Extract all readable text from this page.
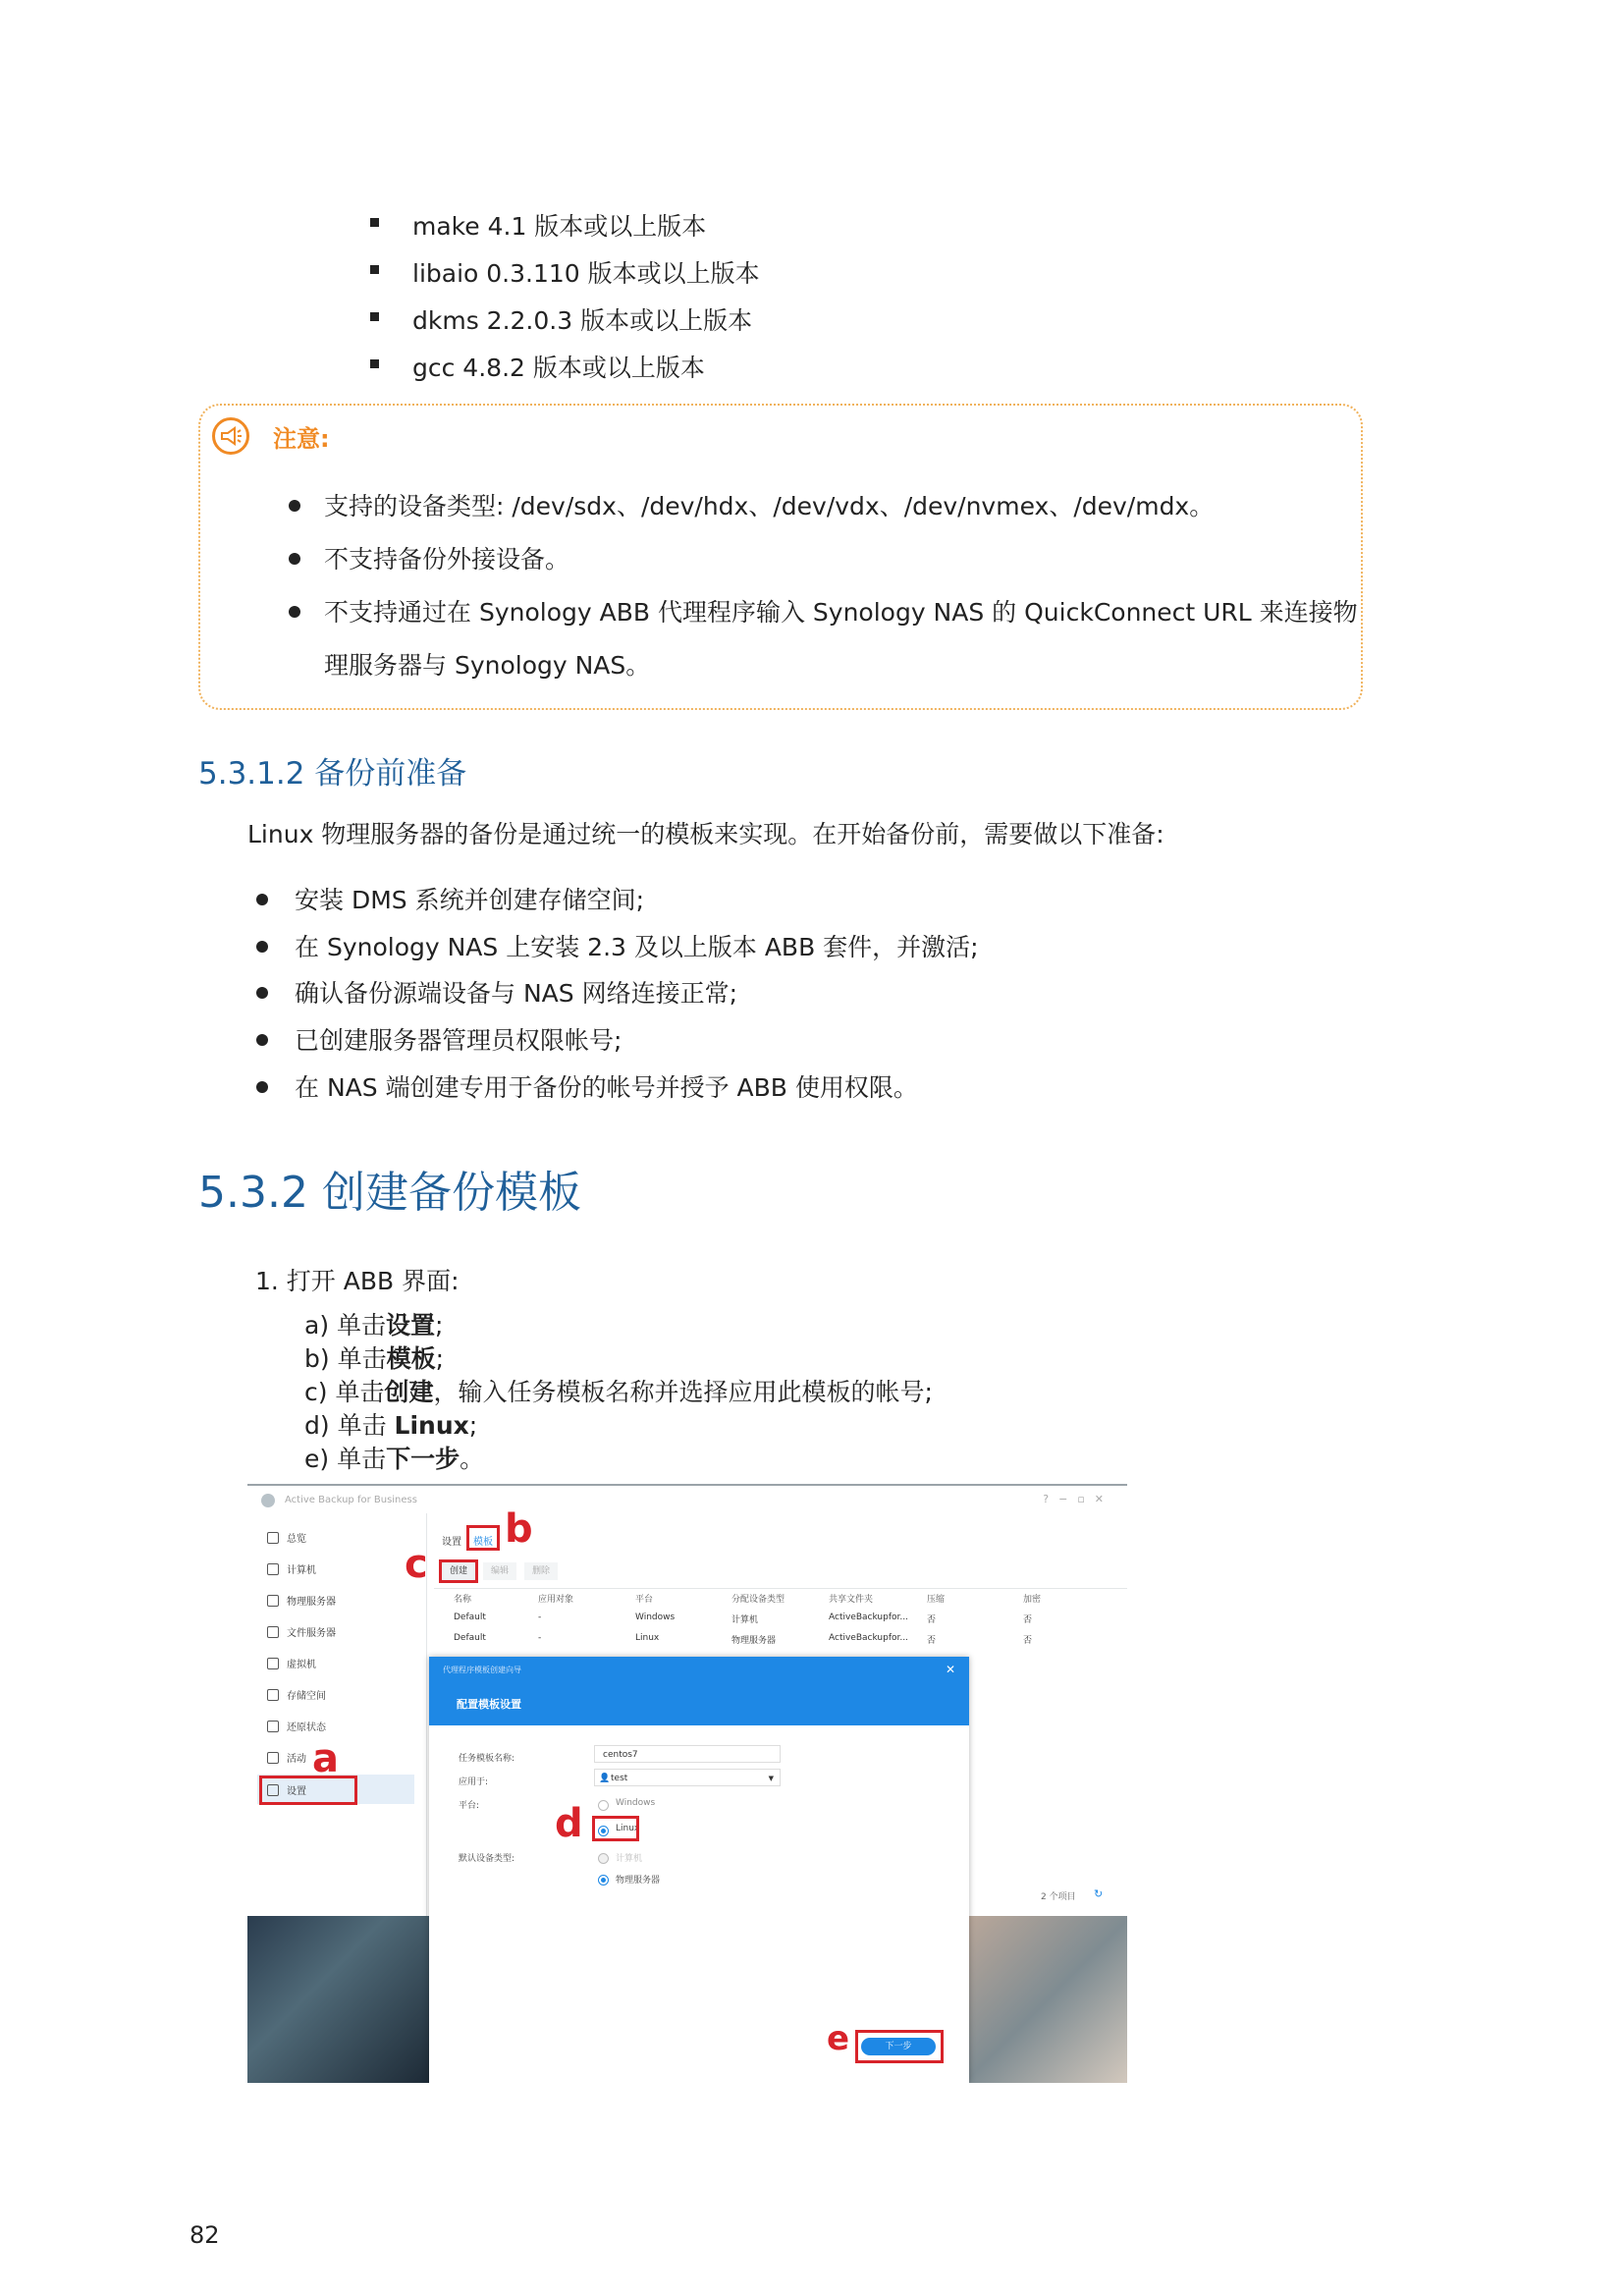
make 4.1 版本或以上版本
libaio 0.3.110 版本或以上版本
dkms 2.2.0.3 版本或以上版本
gcc 4.8.2 版本或以上版本
注意:
支持的设备类型: /dev/sdx、/dev/hdx、/dev/vdx、/dev/nvmex、/dev/mdx。
不支持备份外接设备。
不支持通过在 Synology ABB 代理程序输入 Synology NAS 的 QuickConnect URL 来连接物
理服务器与 Synology NAS。
5.3.1.2 备份前准备
Linux 物理服务器的备份是通过统一的模板来实现。在开始备份前，需要做以下准备:
安装 DMS 系统并创建存储空间;
在 Synology NAS 上安装 2.3 及以上版本 ABB 套件，并激活;
确认备份源端设备与 NAS 网络连接正常;
已创建服务器管理员权限帐号;
在 NAS 端创建专用于备份的帐号并授予 ABB 使用权限。
5.3.2 创建备份模板
1. 打开 ABB 界面:
a) 单击设置;
b) 单击模板;
c) 单击创建，输入任务模板名称并选择应用此模板的帐号;
d) 单击 Linux;
e) 单击下一步。
Active Backup for Business	?−▫✕
总览
计算机
物理服务器
文件服务器
虚拟机
存储空间
还原状态
活动
设置
a
设置 模板 b
创建	编辑	删除
c
名称	应用对象	平台	分配设备类型	共享文件夹	压缩	加密
Default	-	Windows	计算机	ActiveBackupfor... 否	否
Default	-	Linux	物理服务器	ActiveBackupfor... 否	否
2 个项目 ↻
代理程序模板创建向导	✕
配置模板设置
任务模板名称:	centos7
应用于:	👤 test	▼
平台:	Windows
Linux
d
默认设备类型:	计算机
物理服务器
下一步
e
82
